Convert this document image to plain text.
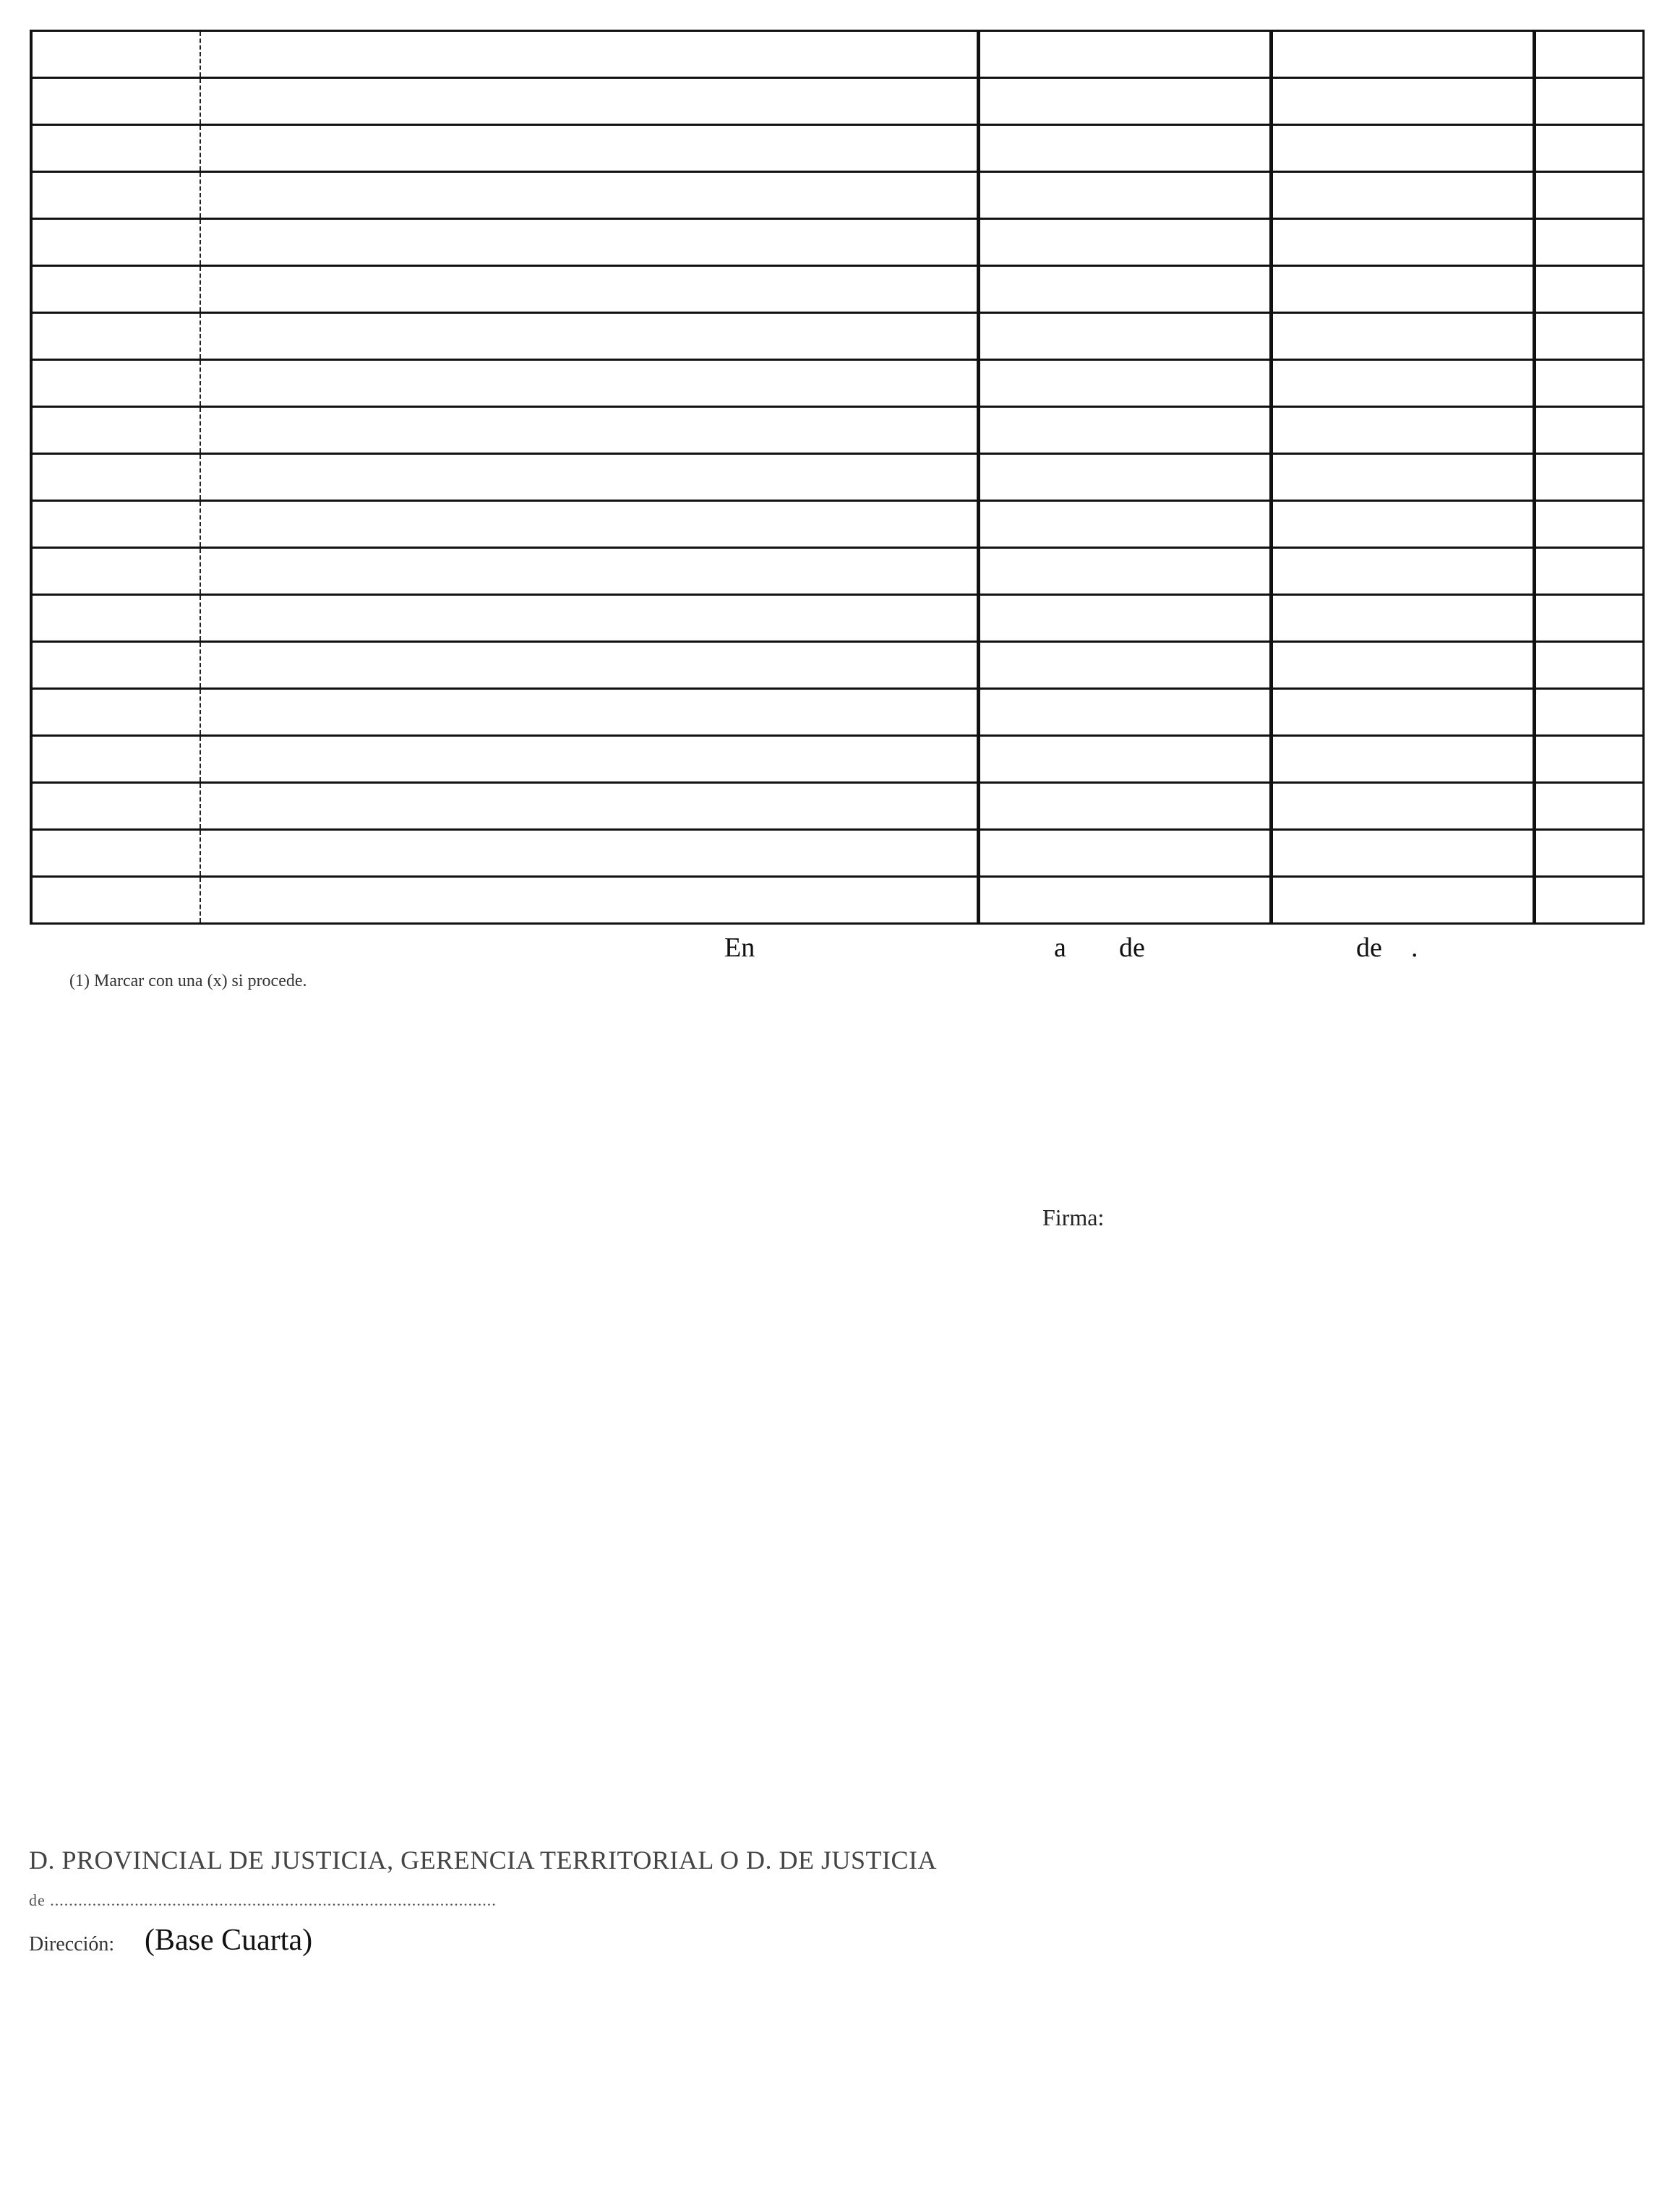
En	a de	de .
(1) Marcar con una (x) si procede.
Firma:
D. PROVINCIAL DE JUSTICIA, GERENCIA TERRITORIAL O D. DE JUSTICIA
de ...............................................................................................
Dirección: (Base Cuarta)
